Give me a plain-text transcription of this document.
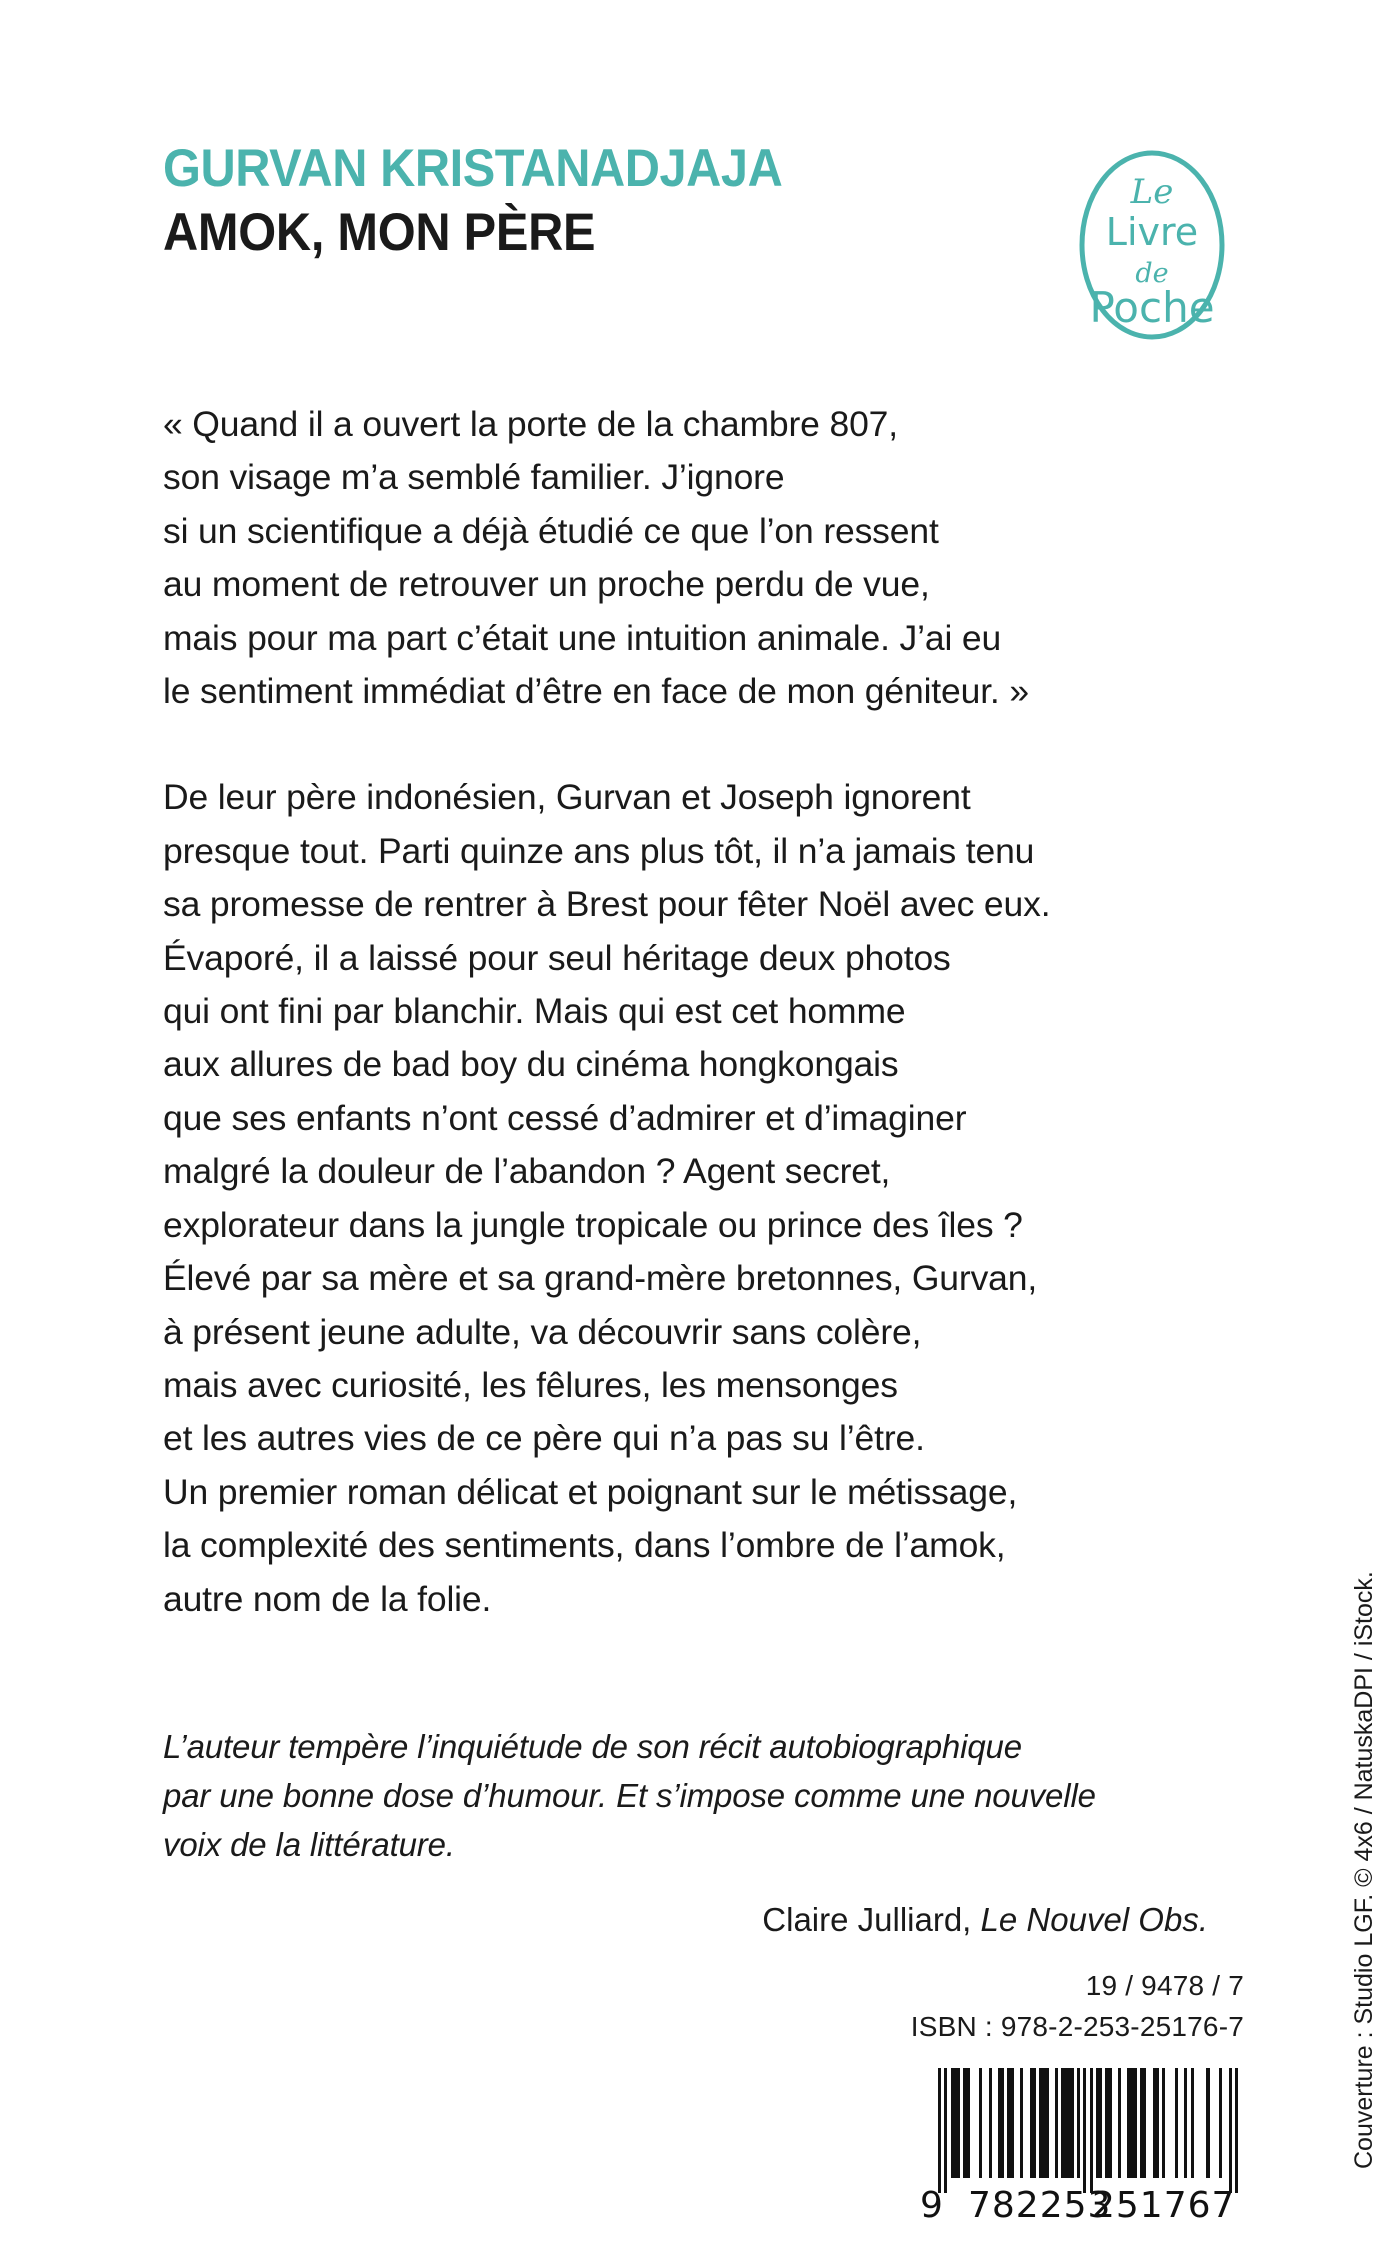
GURVAN KRISTANADJAJA
AMOK, MON PÈRE
Le
Livre
de
Poche
« Quand il a ouvert la porte de la chambre 807,
son visage m’a semblé familier. J’ignore
si un scientifique a déjà étudié ce que l’on ressent
au moment de retrouver un proche perdu de vue,
mais pour ma part c’était une intuition animale. J’ai eu
le sentiment immédiat d’être en face de mon géniteur. »
De leur père indonésien, Gurvan et Joseph ignorent
presque tout. Parti quinze ans plus tôt, il n’a jamais tenu
sa promesse de rentrer à Brest pour fêter Noël avec eux.
Évaporé, il a laissé pour seul héritage deux photos
qui ont fini par blanchir. Mais qui est cet homme
aux allures de bad boy du cinéma hongkongais
que ses enfants n’ont cessé d’admirer et d’imaginer
malgré la douleur de l’abandon ? Agent secret,
explorateur dans la jungle tropicale ou prince des îles ?
Élevé par sa mère et sa grand-mère bretonnes, Gurvan,
à présent jeune adulte, va découvrir sans colère,
mais avec curiosité, les fêlures, les mensonges
et les autres vies de ce père qui n’a pas su l’être.
Un premier roman délicat et poignant sur le métissage,
la complexité des sentiments, dans l’ombre de l’amok,
autre nom de la folie.
L’auteur tempère l’inquiétude de son récit autobiographique
par une bonne dose d’humour. Et s’impose comme une nouvelle
voix de la littérature.
Claire Julliard, Le Nouvel Obs.
19 / 9478 / 7
ISBN : 978-2-253-25176-7	Couverture : Studio LGF. © 4x6 / NatuskaDPI / iStock.
9 782253
251767
